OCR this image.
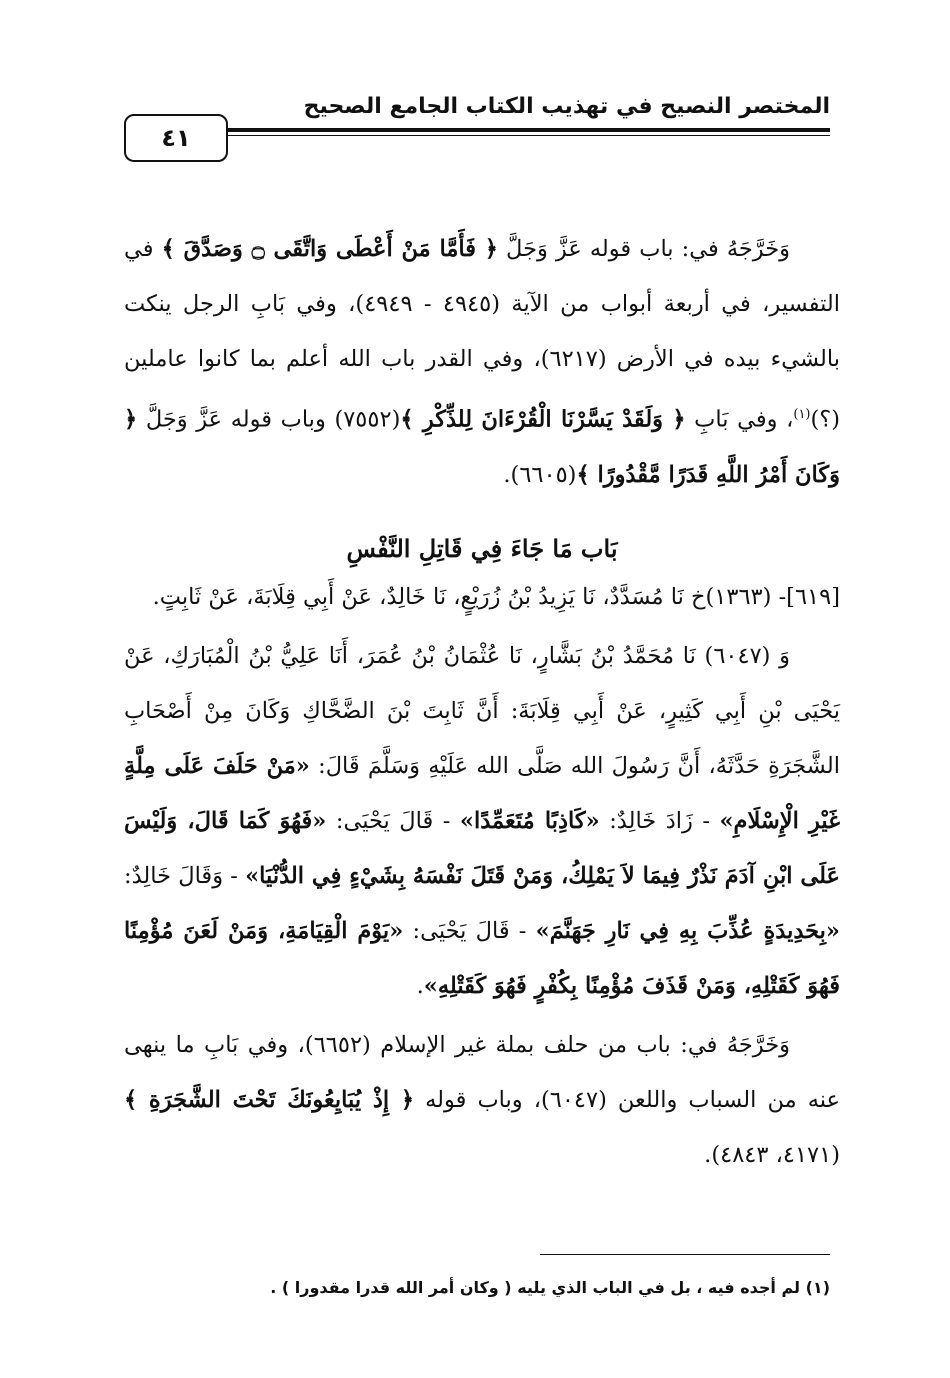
المختصر النصيح في تهذيب الكتاب الجامع الصحيح
٤١

وَخَرَّجَهُ في: باب قوله عَزَّ وَجَلَّ ﴿ فَأَمَّا مَنْ أَعْطَى وَاتَّقَى ۝ وَصَدَّقَ ﴾ في التفسير، في أربعة أبواب من الآية (٤٩٤٥ - ٤٩٤٩)، وفي بَابِ الرجل ينكت بالشيء بيده في الأرض (٦٢١٧)، وفي القدر باب الله أعلم بما كانوا عاملين (؟)$^{(١)}$، وفي بَابِ ﴿ وَلَقَدْ يَسَّرْنَا الْقُرْءَانَ لِلذِّكْرِ ﴾(٧٥٥٢) وباب قوله عَزَّ وَجَلَّ ﴿ وَكَانَ أَمْرُ اللَّهِ قَدَرًا مَّقْدُورًا ﴾(٦٦٠٥).

بَاب مَا جَاءَ فِي قَاتِلِ النَّفْسِ

[٦١٩]- (١٣٦٣)خ نَا مُسَدَّدٌ، نَا يَزِيدُ بْنُ زُرَيْعٍ، نَا خَالِدٌ، عَنْ أَبِي قِلَابَةَ، عَنْ ثَابِتٍ.

وَ (٦٠٤٧) نَا مُحَمَّدُ بْنُ بَشَّارٍ، نَا عُثْمَانُ بْنُ عُمَرَ، أَنَا عَلِيُّ بْنُ الْمُبَارَكِ، عَنْ يَحْيَى بْنِ أَبِي كَثِيرٍ، عَنْ أَبِي قِلَابَةَ: أَنَّ ثَابِتَ بْنَ الضَّحَّاكِ وَكَانَ مِنْ أَصْحَابِ الشَّجَرَةِ حَدَّثَهُ، أَنَّ رَسُولَ الله صَلَّى الله عَلَيْهِ وَسَلَّمَ قَالَ: «مَنْ حَلَفَ عَلَى مِلَّةٍ غَيْرِ الْإِسْلَامِ» - زَادَ خَالِدٌ: «كَاذِبًا مُتَعَمِّدًا» - قَالَ يَحْيَى: «فَهُوَ كَمَا قَالَ، وَلَيْسَ عَلَى ابْنِ آدَمَ نَذْرٌ فِيمَا لاَ يَمْلِكُ، وَمَنْ قَتَلَ نَفْسَهُ بِشَيْءٍ فِي الدُّنْيَا» - وَقَالَ خَالِدٌ: «بِحَدِيدَةٍ عُذِّبَ بِهِ فِي نَارِ جَهَنَّمَ» - قَالَ يَحْيَى: «يَوْمَ الْقِيَامَةِ، وَمَنْ لَعَنَ مُؤْمِنًا فَهُوَ كَقَتْلِهِ، وَمَنْ قَذَفَ مُؤْمِنًا بِكُفْرٍ فَهُوَ كَقَتْلِهِ».

وَخَرَّجَهُ في: باب من حلف بملة غير الإسلام (٦٦٥٢)، وفي بَابِ ما ينهى عنه من السباب واللعن (٦٠٤٧)، وباب قوله ﴿ إِذْ يُبَايِعُونَكَ تَحْتَ الشَّجَرَةِ ﴾ (٤١٧١، ٤٨٤٣).

(١) لم أجده فيه ، بل في الباب الذي يليه ( وكان أمر الله قدرا مقدورا ) .
